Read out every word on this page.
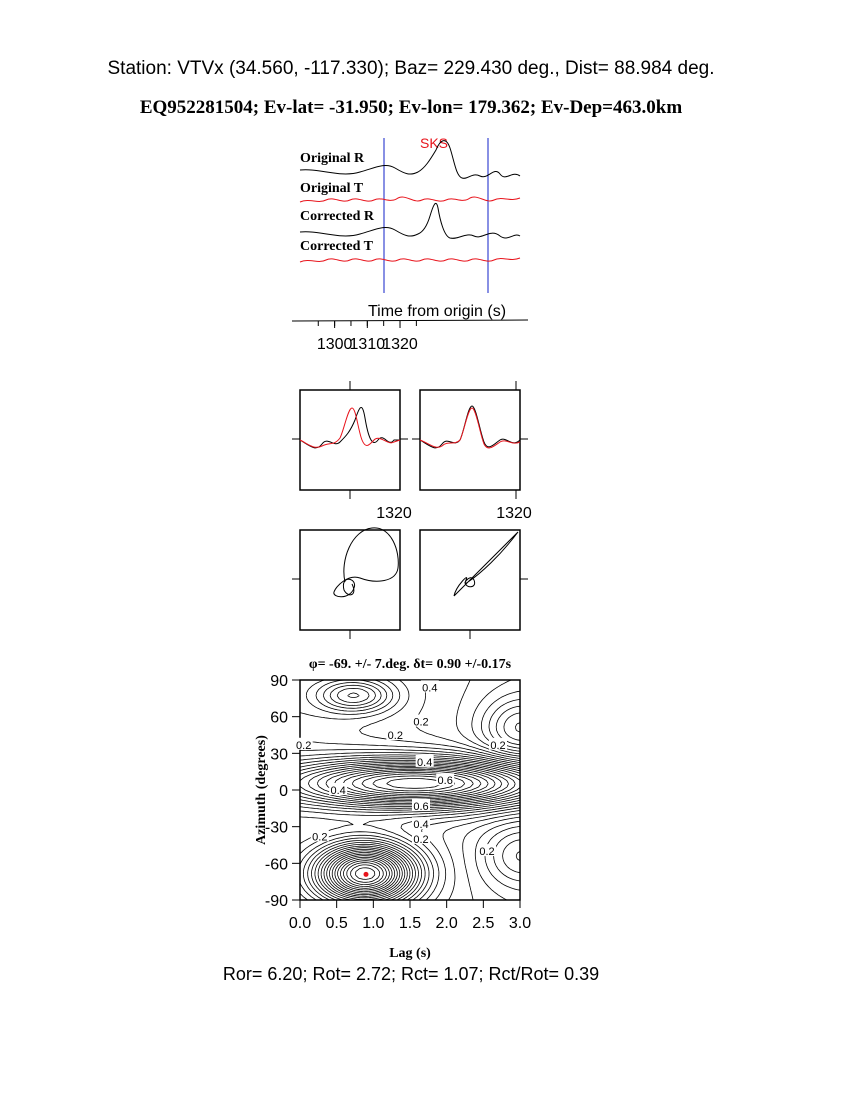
Station: VTVx (34.560, -117.330); Baz= 229.430 deg., Dist= 88.984 deg.
EQ952281504; Ev-lat= -31.950; Ev-lon= 179.362; Ev-Dep=463.0km
SKS
Original R
Original T
Corrected R
Corrected T
Time from origin (s)
1300
1310
1320
1320	1320
φ= -69. +/- 7.deg. δt= 0.90 +/-0.17s
0.0 0.5 1.0 1.5 2.0 2.5 3.0
90
60
30
0
-30
-60
-90
0.4
0.2
0.2
0.2
0.2
0.4
0.6
0.4
0.6
0.4
0.2
0.2
0.2
Lag (s)
Azimuth (degrees)
Ror= 6.20; Rot= 2.72; Rct= 1.07; Rct/Rot= 0.39
